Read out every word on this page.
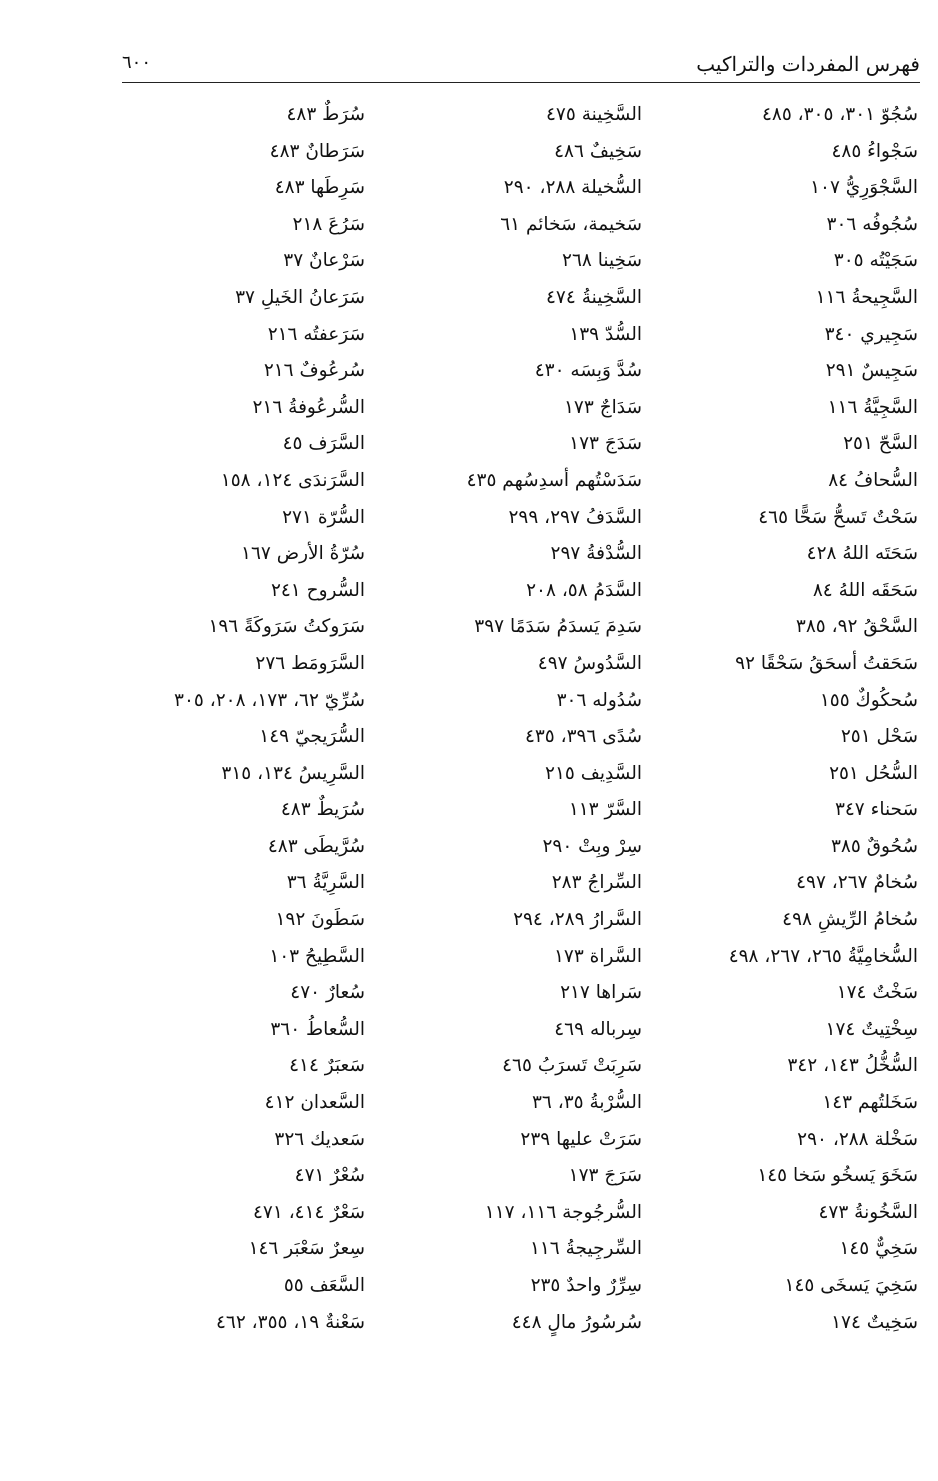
فهرس المفردات والتراكيب
٦٠٠
سُجُوّ ٣٠١، ٣٠٥، ٤٨٥
سَجْواءُ ٤٨٥
السَّجْوَرِيُّ ١٠٧
سُجُوفُه ٣٠٦
سَجَيْتُه ٣٠٥
السَّجِيحةُ ١١٦
سَجِيري ٣٤٠
سَجِيسٌ ٢٩١
السَّجِيَّةُ ١١٦
السَّحّ ٢٥١
السُّحافُ ٨٤
سَحْتٌ تَسحُّ سَحًّا ٤٦٥
سَحَتَه اللهُ ٤٢٨
سَحَقَه اللهُ ٨٤
السَّحْقُ ٩٢، ٣٨٥
سَحَقتُ أسحَقُ سَحْقًا ٩٢
سُحكُوكٌ ١٥٥
سَحْل ٢٥١
السُّحُل ٢٥١
سَحناء ٣٤٧
سُحُوقٌ ٣٨٥
سُخامٌ ٢٦٧، ٤٩٧
سُخامُ الرِّيشِ ٤٩٨
السُّخامِيَّةُ ٢٦٥، ٢٦٧، ٤٩٨
سَخْتٌ ١٧٤
سِخْتِيتٌ ١٧٤
السُّخُّلُ ١٤٣، ٣٤٢
سَخَلتُهم ١٤٣
سَخْلة ٢٨٨، ٢٩٠
سَخَوَ يَسخُو سَخا ١٤٥
السَّخُونةُ ٤٧٣
سَخِيٌّ ١٤٥
سَخِيَ يَسخَى ١٤٥
سَخِيتٌ ١٧٤
السَّخِينة ٤٧٥
سَخِيفٌ ٤٨٦
السُّخيلة ٢٨٨، ٢٩٠
سَخيمة، سَخائم ٦١
سَخِينا ٢٦٨
السَّخِينةُ ٤٧٤
السُّدّ ١٣٩
سُدَّ وَبِسَه ٤٣٠
سَدَاجٌ ١٧٣
سَدَجَ ١٧٣
سَدَسْتُهم أسدِسُهم ٤٣٥
السَّدَفُ ٢٩٧، ٢٩٩
السُّدْفةُ ٢٩٧
السَّدَمُ ٥٨، ٢٠٨
سَدِمَ يَسدَمُ سَدَمًا ٣٩٧
السَّدُوسُ ٤٩٧
سُدُوله ٣٠٦
سُدًى ٣٩٦، ٤٣٥
السَّدِيف ٢١٥
السَّرّ ١١٣
سِرْ وبِتْ ٢٩٠
السِّراجُ ٢٨٣
السَّرارُ ٢٨٩، ٢٩٤
السَّراة ١٧٣
سَراها ٢١٧
سِرباله ٤٦٩
سَرِبَتْ تَسرَبُ ٤٦٥
السُّرْبةُ ٣٥، ٣٦
سَرَتْ عليها ٢٣٩
سَرَجَ ١٧٣
السُّرجُوجة ١١٦، ١١٧
السِّرجِيجةُ ١١٦
سِرِّرٌ واحدٌ ٢٣٥
سُرسُورُ مالٍ ٤٤٨
سُرَطٌ ٤٨٣
سَرَطانٌ ٤٨٣
سَرِطَها ٤٨٣
سَرُعَ ٢١٨
سَرْعانٌ ٣٧
سَرَعانُ الخَيلِ ٣٧
سَرَعفتُه ٢١٦
سُرعُوفٌ ٢١٦
السُّرعُوفةُ ٢١٦
السَّرَف ٤٥
السَّرَندَى ١٢٤، ١٥٨
السُّرّة ٢٧١
سُرّةُ الأرض ١٦٧
السُّروح ٢٤١
سَرَوكتُ سَرَوكَةً ١٩٦
السَّرَومَط ٢٧٦
سُرِّيّ ٦٢، ١٧٣، ٢٠٨، ٣٠٥
السُّرَيجيّ ١٤٩
السَّرِيسُ ١٣٤، ٣١٥
سُرَيطٌ ٤٨٣
سُرَّيطَى ٤٨٣
السَّرِيَّةُ ٣٦
سَطَونَ ١٩٢
السَّطِيحُ ١٠٣
سُعارٌ ٤٧٠
السُّعاطُ ٣٦٠
سَعبَرٌ ٤١٤
السَّعدان ٤١٢
سَعديك ٣٢٦
سُعْرٌ ٤٧١
سَعْرٌ ٤١٤، ٤٧١
سِعرٌ سَعْبَر ١٤٦
السَّعَف ٥٥
سَعْنةٌ ١٩، ٣٥٥، ٤٦٢
